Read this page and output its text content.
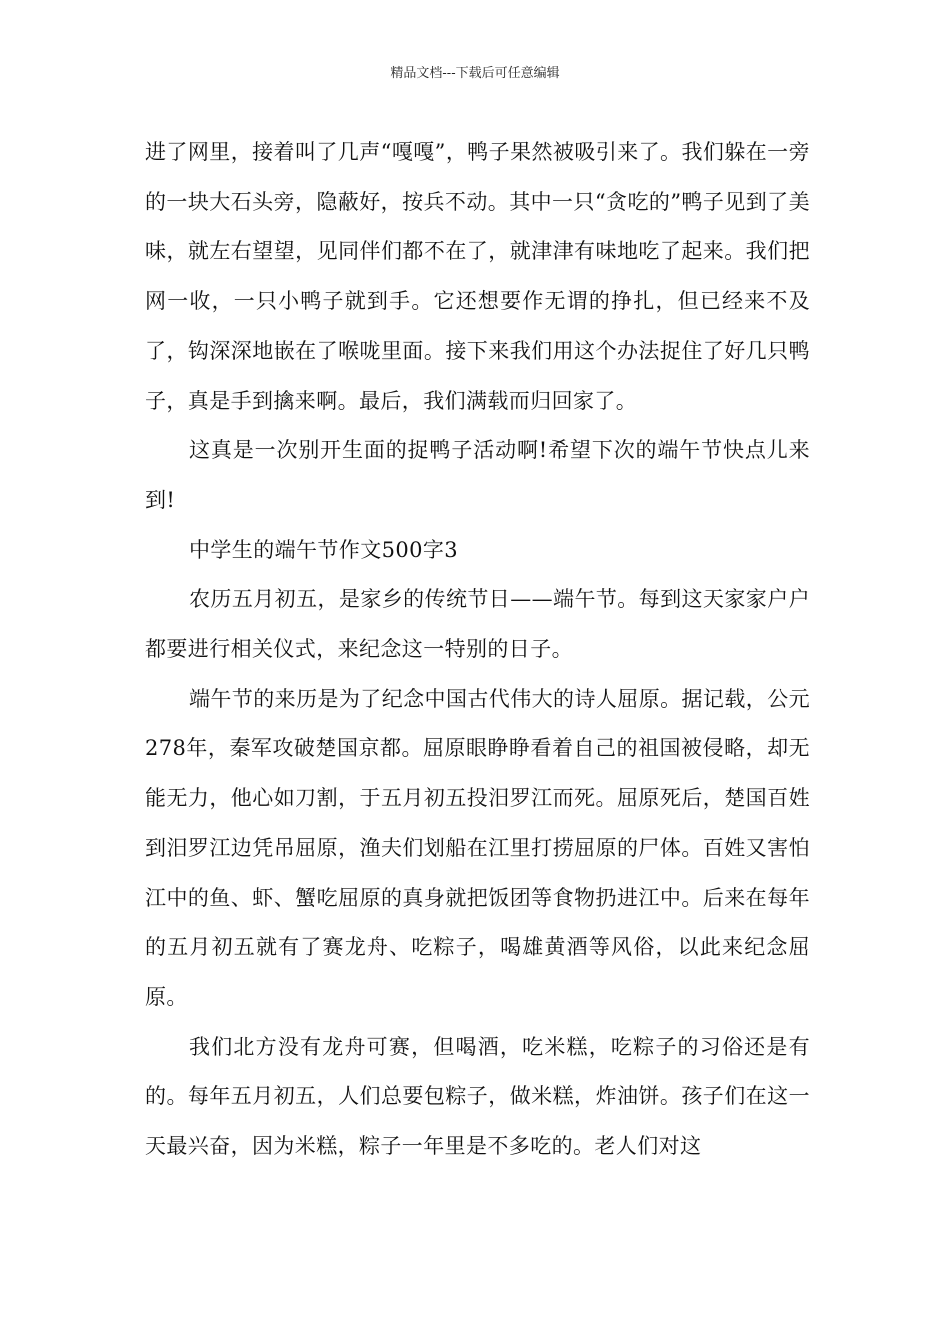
精品文档---下载后可任意编辑

进了网里，接着叫了几声“嘎嘎”，鸭子果然被吸引来了。我们躲在一旁的一块大石头旁，隐蔽好，按兵不动。其中一只“贪吃的”鸭子见到了美味，就左右望望，见同伴们都不在了，就津津有味地吃了起来。我们把网一收，一只小鸭子就到手。它还想要作无谓的挣扎，但已经来不及了，钩深深地嵌在了喉咙里面。接下来我们用这个办法捉住了好几只鸭子，真是手到擒来啊。最后，我们满载而归回家了。

这真是一次别开生面的捉鸭子活动啊!希望下次的端午节快点儿来到!

中学生的端午节作文500字3

农历五月初五，是家乡的传统节日——端午节。每到这天家家户户都要进行相关仪式，来纪念这一特别的日子。

端午节的来历是为了纪念中国古代伟大的诗人屈原。据记载，公元278年，秦军攻破楚国京都。屈原眼睁睁看着自己的祖国被侵略，却无能无力，他心如刀割，于五月初五投汨罗江而死。屈原死后，楚国百姓到汨罗江边凭吊屈原，渔夫们划船在江里打捞屈原的尸体。百姓又害怕江中的鱼、虾、蟹吃屈原的真身就把饭团等食物扔进江中。后来在每年的五月初五就有了赛龙舟、吃粽子，喝雄黄酒等风俗，以此来纪念屈原。

我们北方没有龙舟可赛，但喝酒，吃米糕，吃粽子的习俗还是有的。每年五月初五，人们总要包粽子，做米糕，炸油饼。孩子们在这一天最兴奋，因为米糕，粽子一年里是不多吃的。老人们对这
